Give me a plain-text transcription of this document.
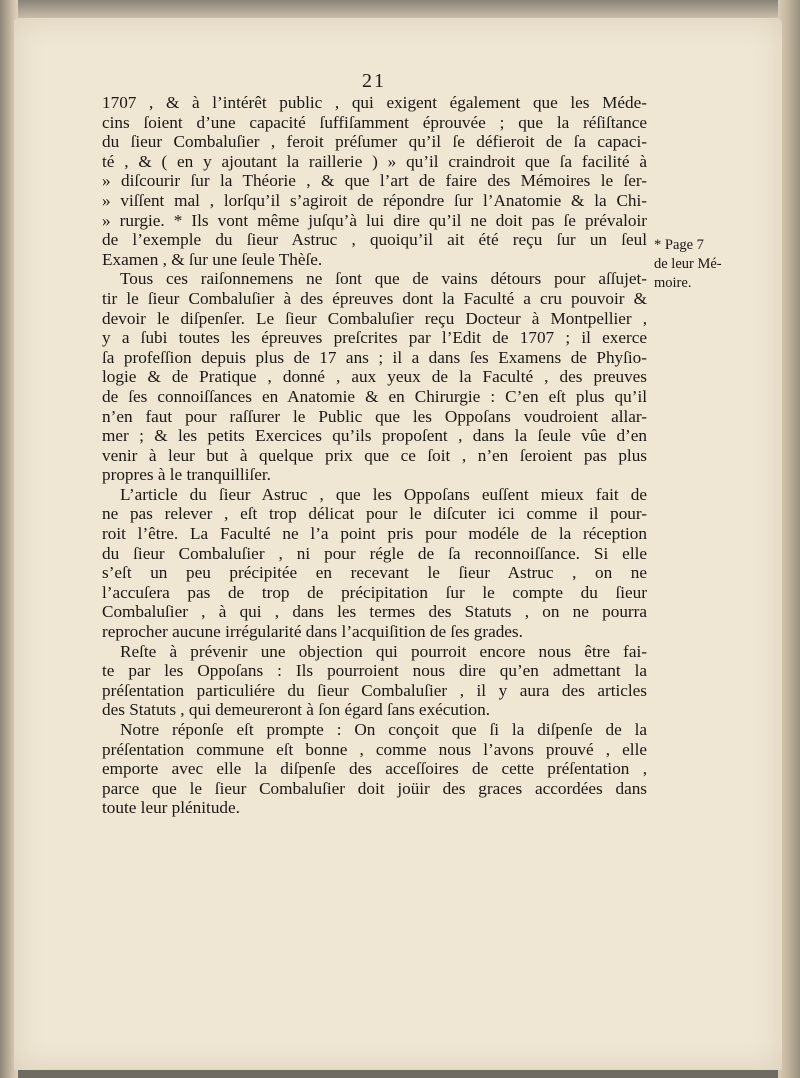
21
1707 , & à l’intérêt public , qui exigent également que les Méde-
cins ſoient d’une capacité ſuffiſamment éprouvée ; que la réſiſtance
du ſieur Combaluſier , feroit préſumer qu’il ſe défieroit de ſa capaci-
té , & ( en y ajoutant la raillerie ) » qu’il craindroit que ſa facilité à
» diſcourir ſur la Théorie , & que l’art de faire des Mémoires le ſer-
» viſſent mal , lorſqu’il s’agiroit de répondre ſur l’Anatomie & la Chi-
» rurgie. * Ils vont même juſqu’à lui dire qu’il ne doit pas ſe prévaloir
de l’exemple du ſieur Astruc , quoiqu’il ait été reçu ſur un ſeul
Examen , & ſur une ſeule Thèſe.
Tous ces raiſonnemens ne ſont que de vains détours pour aſſujet-
tir le ſieur Combaluſier à des épreuves dont la Faculté a cru pouvoir &
devoir le diſpenſer. Le ſieur Combaluſier reçu Docteur à Montpellier ,
y a ſubi toutes les épreuves preſcrites par l’Edit de 1707 ; il exerce
ſa profeſſion depuis plus de 17 ans ; il a dans ſes Examens de Phyſio-
logie & de Pratique , donné , aux yeux de la Faculté , des preuves
de ſes connoiſſances en Anatomie & en Chirurgie : C’en eſt plus qu’il
n’en faut pour raſſurer le Public que les Oppoſans voudroient allar-
mer ; & les petits Exercices qu’ils propoſent , dans la ſeule vûe d’en
venir à leur but à quelque prix que ce ſoit , n’en ſeroient pas plus
propres à le tranquilliſer.
L’article du ſieur Astruc , que les Oppoſans euſſent mieux fait de
ne pas relever , eſt trop délicat pour le diſcuter ici comme il pour-
roit l’être. La Faculté ne l’a point pris pour modéle de la réception
du ſieur Combaluſier , ni pour régle de ſa reconnoiſſance. Si elle
s’eſt un peu précipitée en recevant le ſieur Astruc , on ne
l’accuſera pas de trop de précipitation ſur le compte du ſieur
Combaluſier , à qui , dans les termes des Statuts , on ne pourra
reprocher aucune irrégularité dans l’acquiſition de ſes grades.
Reſte à prévenir une objection qui pourroit encore nous être fai-
te par les Oppoſans : Ils pourroient nous dire qu’en admettant la
préſentation particuliére du ſieur Combaluſier , il y aura des articles
des Statuts , qui demeureront à ſon égard ſans exécution.
Notre réponſe eſt prompte : On conçoit que ſi la diſpenſe de la
préſentation commune eſt bonne , comme nous l’avons prouvé , elle
emporte avec elle la diſpenſe des acceſſoires de cette préſentation ,
parce que le ſieur Combaluſier doit joüir des graces accordées dans
toute leur plénitude.
* Page 7
de leur Mé-
moire.
